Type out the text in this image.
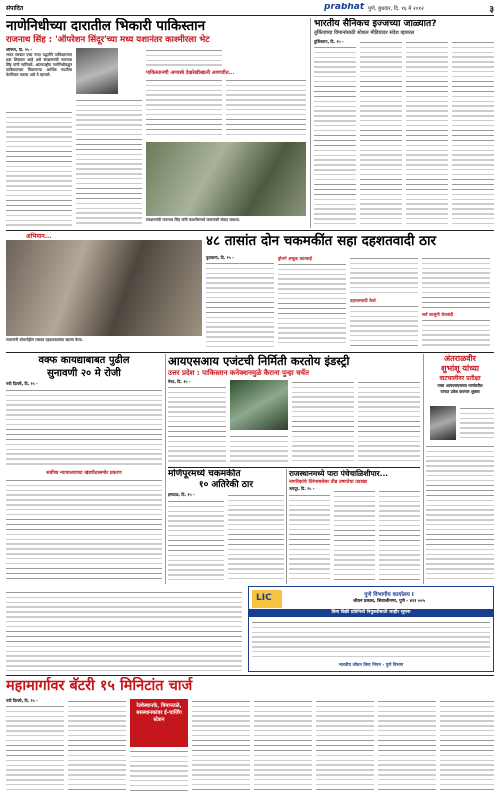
संपादित	prabhat पुणे, बुधवार, दि. १६ मे २०१२	३
नाणेनिधीच्या दारातील भिकारी पाकिस्तान
राजनाथ सिंह : 'ऑपरेशन सिंदूर'च्या मध्य यशानंतर काश्मीरला भेट
श्रीनगर, दि. १५ -
भारत सरकार एका नव्या पद्धतीने पाकिस्तानला धडा शिकवत आहे असे संरक्षणमंत्री राजनाथ सिंह यांनी सांगितले. आंतरराष्ट्रीय नाणेनिधीकडून पाकिस्तानला मिळणाऱ्या आर्थिक मदतीचा फेरविचार करावा असे ते म्हणाले.	पाकिस्तानची अण्वस्त्रे देखरेखीखाली आणावीत...
संरक्षणमंत्री राजनाथ सिंह यांनी काश्मीरमध्ये जवानांशी संवाद साधला.
भारतीय सैनिकच इज्जच्या जाळ्यात?
तुर्कियाच्या विमानांसाठी सोशल मीडियावर संदेश व्हायरल
तुर्किस्तान, दि. १५ -
अभियान...
जवानांनी शोधमोहीम राबवत दहशतवाद्यांचा खात्मा केला.
४८ तासांत दोन चकमकींत सहा दहशतवादी ठार
पुलवामा, दि. १५ -	ड्रोनने अचूक कारवाई
दहशतवादी केले
सर्व बाजूंनी घेराबंदी
वक्फ कायद्याबाबत पुढील
सुनावणी २० मे रोजी
नवी दिल्ली, दि. १५ -
सर्वोच्च न्यायालयाच्या खंडपीठासमोर प्रकरण
आयएसआय एजंटची निर्मिती करतोय इंडस्ट्री
उत्तर प्रदेश : पाकिस्तान कनेक्शनमुळे कैराना पुन्हा चर्चेत
मेरठ, दि. १५ -
अंतराळवीर
शुभांशू यांच्या
वाटचालीवर प्रतीक्षा
नासा आयएसएसच्या मार्गावरील
यानात प्रवेश करणार शुक्ला
मणिपूरमध्ये चकमकीत
१० अतिरेकी ठार
इम्फाळ, दि. १५ -
राजस्थानमध्ये पारा पंचेचाळिशीपार...
नागरिकांचे तिरंगाबरोबर तीव्र उष्णतेचा तडाखा
जयपूर, दि. १५ -
LIC	पुणे विभागीय कार्यालय I
जीवन प्रकाश, शिवाजीनगर, पुणे - ४११ ००५
विमा विक्री प्रतिनिधी नियुक्तीसाठी जाहीर सूचना
भारतीय जीवन विमा निगम - पुणे विभाग
महामार्गावर बॅटरी १५ मिनिटांत चार्ज
नवी दिल्ली, दि. १५ -
रेल्वेस्थानके, विमानतळे, बसस्थानकांवर ई-चार्जिंग स्टेशन
